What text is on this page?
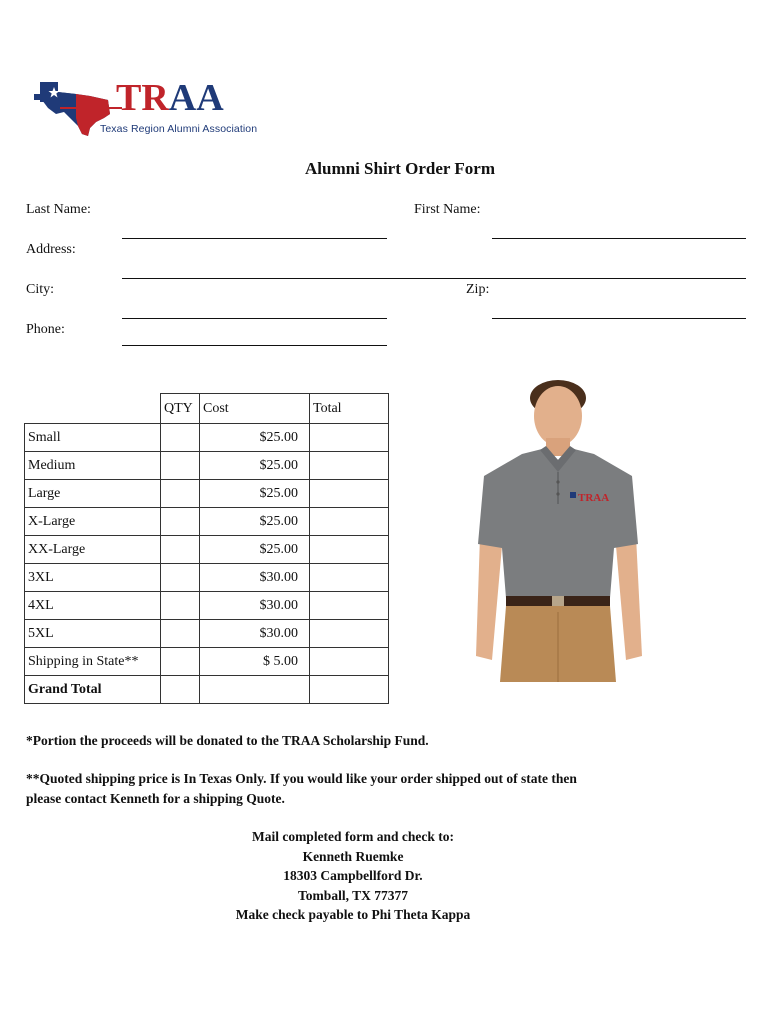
TRAA
Texas Region Alumni Association
Alumni Shirt Order Form
Last Name:	First Name:
Address:
City:	Zip:
Phone:
	QTY	Cost	Total
Small		$25.00	
Medium		$25.00	
Large		$25.00	
X-Large		$25.00	
XX-Large		$25.00	
3XL		$30.00	
4XL		$30.00	
5XL		$30.00	
Shipping in State**		$ 5.00	
Grand Total			
TRAA
*Portion the proceeds will be donated to the TRAA Scholarship Fund.
**Quoted shipping price is In Texas Only. If you would like your order shipped out of state then
please contact Kenneth for a shipping Quote.
Mail completed form and check to:
Kenneth Ruemke
18303 Campbellford Dr.
Tomball, TX 77377
Make check payable to Phi Theta Kappa
